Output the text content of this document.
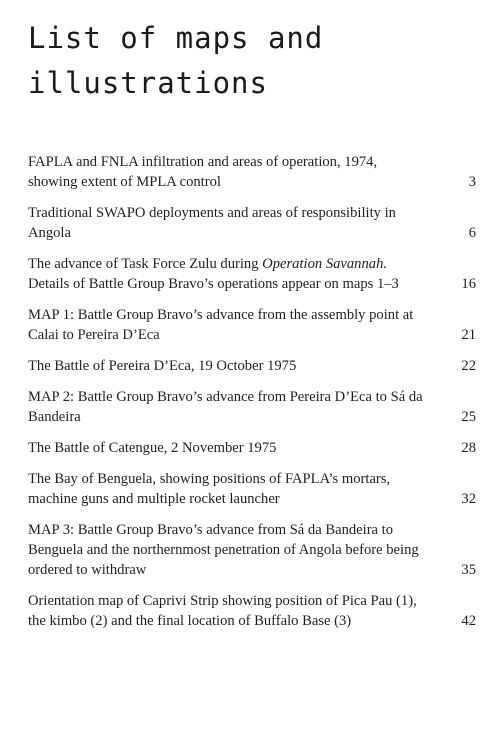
List of maps and
illustrations
FAPLA and FNLA infiltration and areas of operation, 1974, showing extent of MPLA control	3
Traditional SWAPO deployments and areas of responsibility in Angola	6
The advance of Task Force Zulu during Operation Savannah. Details of Battle Group Bravo’s operations appear on maps 1–3	16
MAP 1: Battle Group Bravo’s advance from the assembly point at Calai to Pereira D’Eca	21
The Battle of Pereira D’Eca, 19 October 1975	22
MAP 2: Battle Group Bravo’s advance from Pereira D’Eca to Sá da Bandeira	25
The Battle of Catengue, 2 November 1975	28
The Bay of Benguela, showing positions of FAPLA’s mortars, machine guns and multiple rocket launcher	32
MAP 3: Battle Group Bravo’s advance from Sá da Bandeira to Benguela and the northernmost penetration of Angola before being ordered to withdraw	35
Orientation map of Caprivi Strip showing position of Pica Pau (1), the kimbo (2) and the final location of Buffalo Base (3)	42
